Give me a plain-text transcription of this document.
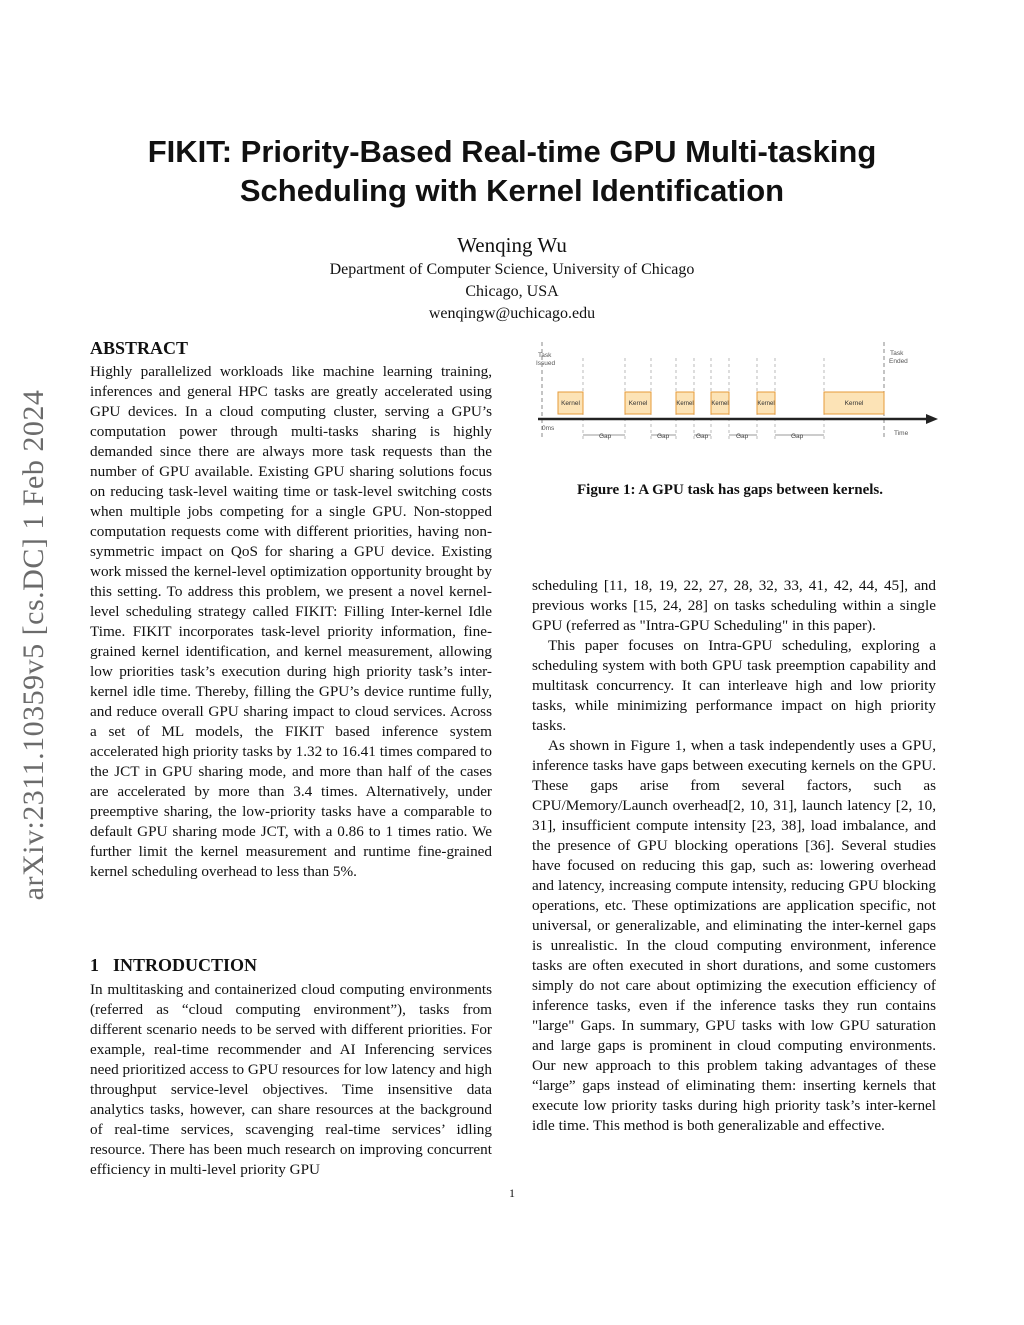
arXiv:2311.10359v5 [cs.DC] 1 Feb 2024
FIKIT: Priority-Based Real-time GPU Multi-tasking
Scheduling with Kernel Identification
Wenqing Wu
Department of Computer Science, University of Chicago
Chicago, USA
wenqingw@uchicago.edu
ABSTRACT

Highly parallelized workloads like machine learning training, inferences and general HPC tasks are greatly accelerated using GPU devices. In a cloud computing cluster, serving a GPU’s computation power through multi-tasks sharing is highly demanded since there are always more task requests than the number of GPU available. Existing GPU sharing solutions focus on reducing task-level waiting time or task-level switching costs when multiple jobs competing for a single GPU. Non-stopped computation requests come with different priorities, having non-symmetric impact on QoS for sharing a GPU device. Existing work missed the kernel-level optimization opportunity brought by this setting. To address this problem, we present a novel kernel-level scheduling strategy called FIKIT: Filling Inter-kernel Idle Time. FIKIT incorporates task-level priority information, fine-grained kernel identification, and kernel measurement, allowing low priorities task’s execution during high priority task’s inter-kernel idle time. Thereby, filling the GPU’s device runtime fully, and reduce overall GPU sharing impact to cloud services. Across a set of ML models, the FIKIT based inference system accelerated high priority tasks by 1.32 to 16.41 times compared to the JCT in GPU sharing mode, and more than half of the cases are accelerated by more than 3.4 times. Alternatively, under preemptive sharing, the low-priority tasks have a comparable to default GPU sharing mode JCT, with a 0.86 to 1 times ratio. We further limit the kernel measurement and runtime fine-grained kernel scheduling overhead to less than 5%.

1 INTRODUCTION

In multitasking and containerized cloud computing environments (referred as “cloud computing environment”), tasks from different scenario needs to be served with different priorities. For example, real-time recommender and AI Inferencing services need prioritized access to GPU resources for low latency and high throughput service-level objectives. Time insensitive data analytics tasks, however, can share resources at the background of real-time services, scavenging real-time services’ idling resource. There has been much research on improving concurrent efficiency in multi-level priority GPU

Task
Issued
Task
Ended
Kernel	Kernel	Kernel	Kernel	Kernel	Kernel
0ms
Time
Gap	Gap	Gap	Gap	Gap
Figure 1: A GPU task has gaps between kernels.

scheduling [11, 18, 19, 22, 27, 28, 32, 33, 41, 42, 44, 45], and previous works [15, 24, 28] on tasks scheduling within a single GPU (referred as "Intra-GPU Scheduling" in this paper).

This paper focuses on Intra-GPU scheduling, exploring a scheduling system with both GPU task preemption capability and multitask concurrency. It can interleave high and low priority tasks, while minimizing performance impact on high priority tasks.

As shown in Figure 1, when a task independently uses a GPU, inference tasks have gaps between executing kernels on the GPU. These gaps arise from several factors, such as CPU/Memory/Launch overhead[2, 10, 31], launch latency [2, 10, 31], insufficient compute intensity [23, 38], load imbalance, and the presence of GPU blocking operations [36]. Several studies have focused on reducing this gap, such as: lowering overhead and latency, increasing compute intensity, reducing GPU blocking operations, etc. These optimizations are application specific, not universal, or generalizable, and eliminating the inter-kernel gaps is unrealistic. In the cloud computing environment, inference tasks are often executed in short durations, and some customers simply do not care about optimizing the execution efficiency of inference tasks, even if the inference tasks they run contains "large" Gaps. In summary, GPU tasks with low GPU saturation and large gaps is prominent in cloud computing environments. Our new approach to this problem taking advantages of these “large” gaps instead of eliminating them: inserting kernels that execute low priority tasks during high priority task’s inter-kernel idle time. This method is both generalizable and effective.

1
